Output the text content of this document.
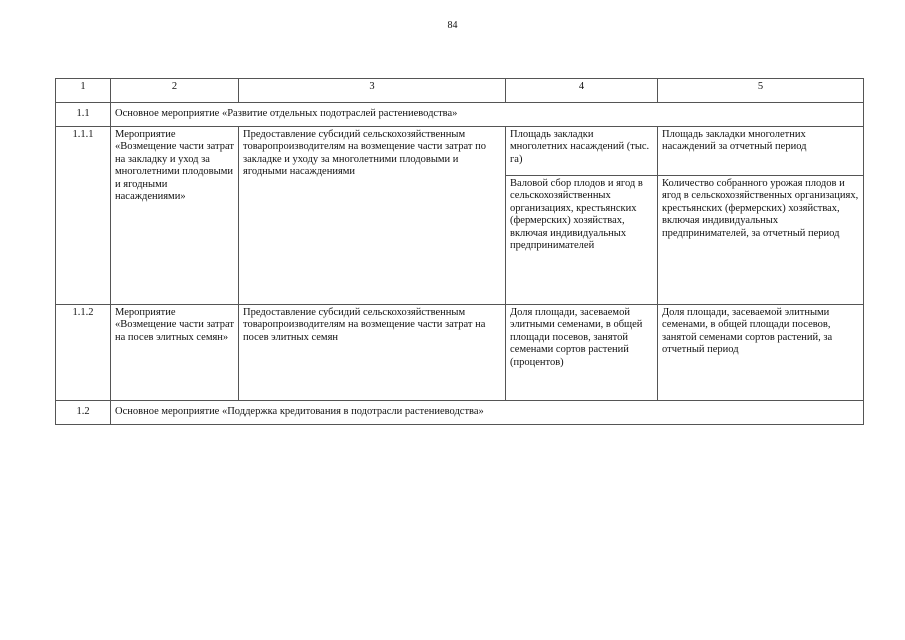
84
1	2	3	4	5
1.1	Основное мероприятие «Развитие отдельных подотраслей растениеводства»			
1.1.1	Мероприятие «Возмещение части затрат на закладку и уход за многолетними плодовыми и ягодными насаждениями»	Предоставление субсидий сельскохозяйственным товаропроизводителям на возмещение части затрат по закладке и уходу за многолетними плодовыми и ягодными насаждениями	Площадь закладки многолетних насаждений (тыс. га)	Площадь закладки многолетних насаждений за отчетный период
			Валовой сбор плодов и ягод в сельскохозяйственных организациях, крестьянских (фермерских) хозяйствах, включая индивидуальных предпринимателей	Количество собранного урожая плодов и ягод в сельскохозяйственных организациях, крестьянских (фермерских) хозяйствах, включая индивидуальных предпринимателей, за отчетный период
1.1.2	Мероприятие «Возмещение части затрат на посев элитных семян»	Предоставление субсидий сельскохозяйственным товаропроизводителям на возмещение части затрат на посев элитных семян	Доля площади, засеваемой элитными семенами, в общей площади посевов, занятой семенами сортов растений (процентов)	Доля площади, засеваемой элитными семенами, в общей площади посевов, занятой семенами сортов растений, за отчетный период
1.2	Основное мероприятие «Поддержка кредитования в подотрасли растениеводства»			
